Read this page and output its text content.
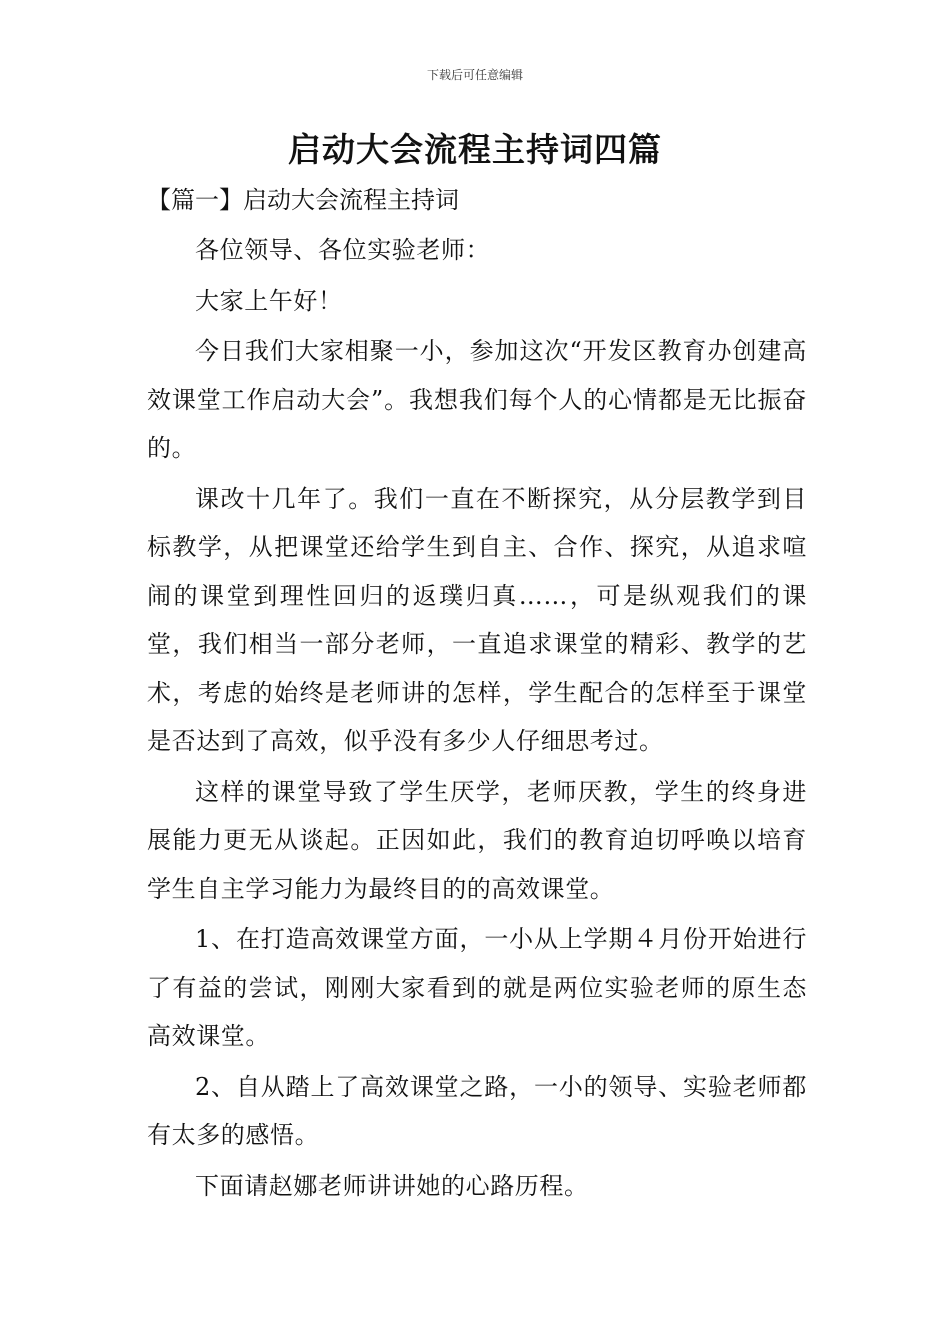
下载后可任意编辑
启动大会流程主持词四篇
【篇一】启动大会流程主持词

各位领导、各位实验老师：

大家上午好！

今日我们大家相聚一小，参加这次“开发区教育办创建高效课堂工作启动大会”。我想我们每个人的心情都是无比振奋的。

课改十几年了。我们一直在不断探究，从分层教学到目标教学，从把课堂还给学生到自主、合作、探究，从追求喧闹的课堂到理性回归的返璞归真……，可是纵观我们的课堂，我们相当一部分老师，一直追求课堂的精彩、教学的艺术，考虑的始终是老师讲的怎样，学生配合的怎样至于课堂是否达到了高效，似乎没有多少人仔细思考过。

这样的课堂导致了学生厌学，老师厌教，学生的终身进展能力更无从谈起。正因如此，我们的教育迫切呼唤以培育学生自主学习能力为最终目的的高效课堂。

1、在打造高效课堂方面，一小从上学期４月份开始进行了有益的尝试，刚刚大家看到的就是两位实验老师的原生态高效课堂。

2、自从踏上了高效课堂之路，一小的领导、实验老师都有太多的感悟。

下面请赵娜老师讲讲她的心路历程。
